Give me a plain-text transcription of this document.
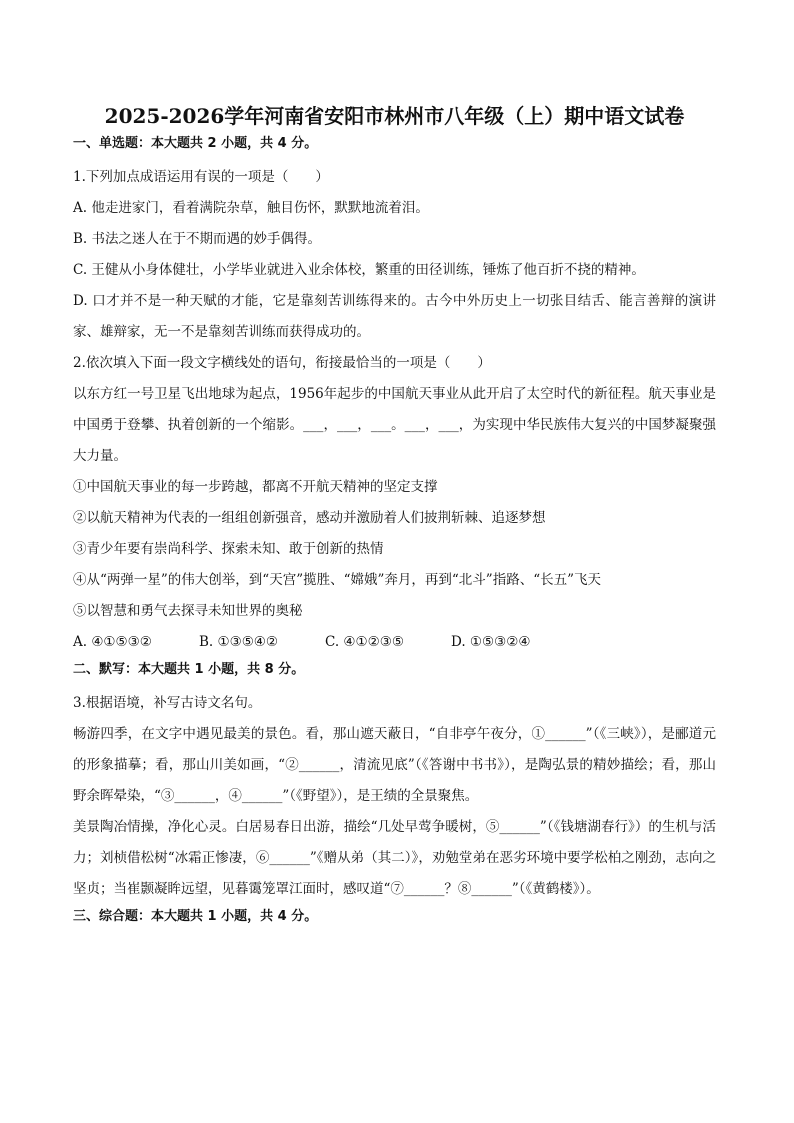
2025-2026学年河南省安阳市林州市八年级（上）期中语文试卷
一、单选题：本大题共 2 小题，共 4 分。
1.下列加点成语运用有误的一项是（　　）
A. 他走进家门，看着满院杂草，触目伤怀，默默地流着泪。
B. 书法之迷人在于不期而遇的妙手偶得。
C. 王健从小身体健壮，小学毕业就进入业余体校，繁重的田径训练，锤炼了他百折不挠的精神。
D. 口才并不是一种天赋的才能，它是靠刻苦训练得来的。古今中外历史上一切张目结舌、能言善辩的演讲家、雄辩家，无一不是靠刻苦训练而获得成功的。
2.依次填入下面一段文字横线处的语句，衔接最恰当的一项是（　　）
以东方红一号卫星飞出地球为起点，1956年起步的中国航天事业从此开启了太空时代的新征程。航天事业是中国勇于登攀、执着创新的一个缩影。___，___，___。___，___，为实现中华民族伟大复兴的中国梦凝聚强大力量。
①中国航天事业的每一步跨越，都离不开航天精神的坚定支撑
②以航天精神为代表的一组组创新强音，感动并激励着人们披荆斩棘、追逐梦想
③青少年要有崇尚科学、探索未知、敢于创新的热情
④从“两弹一星”的伟大创举，到“天宫”揽胜、“嫦娥”奔月，再到“北斗”指路、“长五”飞天
⑤以智慧和勇气去探寻未知世界的奥秘
A. ④①⑤③②	B. ①③⑤④②	C. ④①②③⑤	D. ①⑤③②④
二、默写：本大题共 1 小题，共 8 分。
3.根据语境，补写古诗文名句。
畅游四季，在文字中遇见最美的景色。看，那山遮天蔽日，“自非亭午夜分，①______”（《三峡》），是郦道元的形象描摹；看，那山川美如画，“②______，清流见底”（《答谢中书书》），是陶弘景的精妙描绘；看，那山野余晖晕染，“③______，④______”（《野望》），是王绩的全景聚焦。
美景陶冶情操，净化心灵。白居易春日出游，描绘“几处早莺争暖树，⑤______”（《钱塘湖春行》）的生机与活力；刘桢借松树“冰霜正惨凄，⑥______”《赠从弟（其二）》，劝勉堂弟在恶劣环境中要学松柏之刚劲，志向之坚贞；当崔颢凝眸远望，见暮霭笼罩江面时，感叹道“⑦______？⑧______”（《黄鹤楼》）。
三、综合题：本大题共 1 小题，共 4 分。
